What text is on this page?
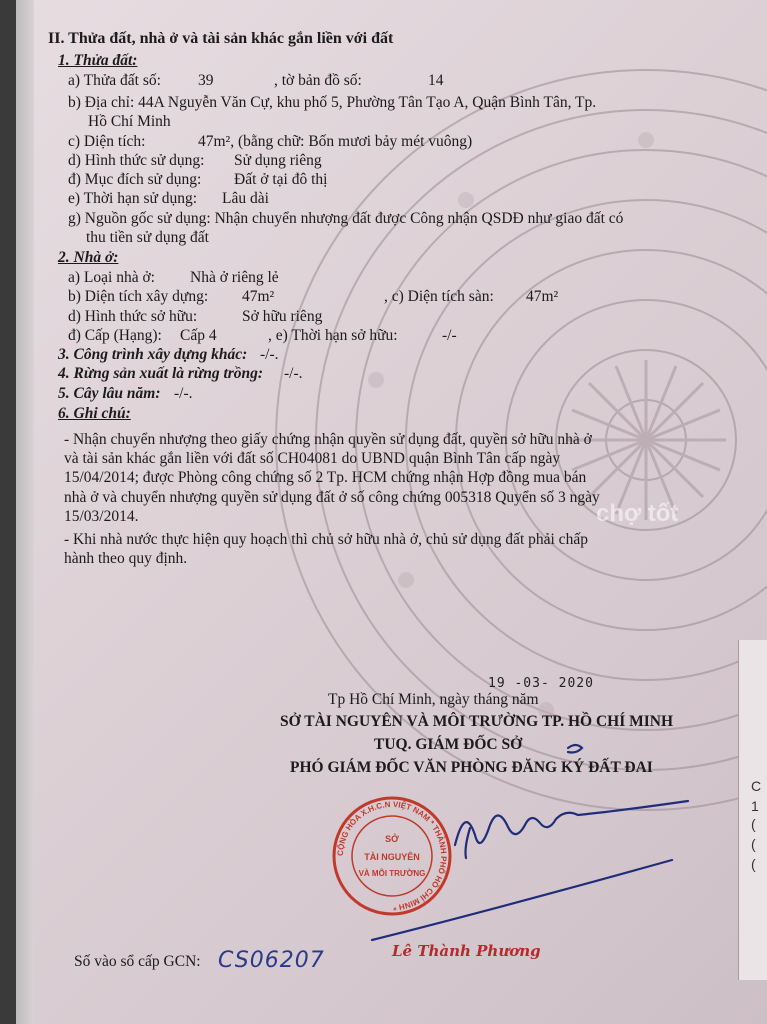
C
1
(
(
(
chợ tốt
II. Thửa đất, nhà ở và tài sản khác gắn liền với đất
1. Thửa đất:
a) Thửa đất số: 39	, tờ bản đồ số:	14
b) Địa chỉ: 44A Nguyễn Văn Cự, khu phố 5, Phường Tân Tạo A, Quận Bình Tân, Tp.
Hồ Chí Minh
c) Diện tích:	47m², (bằng chữ: Bốn mươi bảy mét vuông)
d) Hình thức sử dụng: Sử dụng riêng
đ) Mục đích sử dụng: Đất ở tại đô thị
e) Thời hạn sử dụng: Lâu dài
g) Nguồn gốc sử dụng: Nhận chuyển nhượng đất được Công nhận QSDĐ như giao đất có
thu tiền sử dụng đất
2. Nhà ở:
a) Loại nhà ở: Nhà ở riêng lẻ
b) Diện tích xây dựng: 47m²	, c) Diện tích sàn: 47m²
d) Hình thức sở hữu:	Sở hữu riêng
đ) Cấp (Hạng): Cấp 4	, e) Thời hạn sở hữu:	-/-
3. Công trình xây dựng khác: -/-.
4. Rừng sản xuất là rừng trồng: -/-.
5. Cây lâu năm: -/-.
6. Ghi chú:
- Nhận chuyển nhượng theo giấy chứng nhận quyền sử dụng đất, quyền sở hữu nhà ở
và tài sản khác gắn liền với đất số CH04081 do UBND quận Bình Tân cấp ngày
15/04/2014; được Phòng công chứng số 2 Tp. HCM chứng nhận Hợp đồng mua bán
nhà ở và chuyển nhượng quyền sử dụng đất ở số công chứng 005318 Quyển số 3 ngày
15/03/2014.
- Khi nhà nước thực hiện quy hoạch thì chủ sở hữu nhà ở, chủ sử dụng đất phải chấp
hành theo quy định.
Tp Hồ Chí Minh, ngày tháng năm
SỞ TÀI NGUYÊN VÀ MÔI TRƯỜNG TP. HỒ CHÍ MINH
TUQ. GIÁM ĐỐC SỞ
PHÓ GIÁM ĐỐC VĂN PHÒNG ĐĂNG KÝ ĐẤT ĐAI
Số vào sổ cấp GCN:
19 -03- 2020
CS06207	Lê Thành Phương
CỘNG HÒA X.H.C.N VIỆT NAM * THÀNH PHỐ HỒ CHÍ MINH *
SỞ
TÀI NGUYÊN
VÀ MÔI TRƯỜNG
